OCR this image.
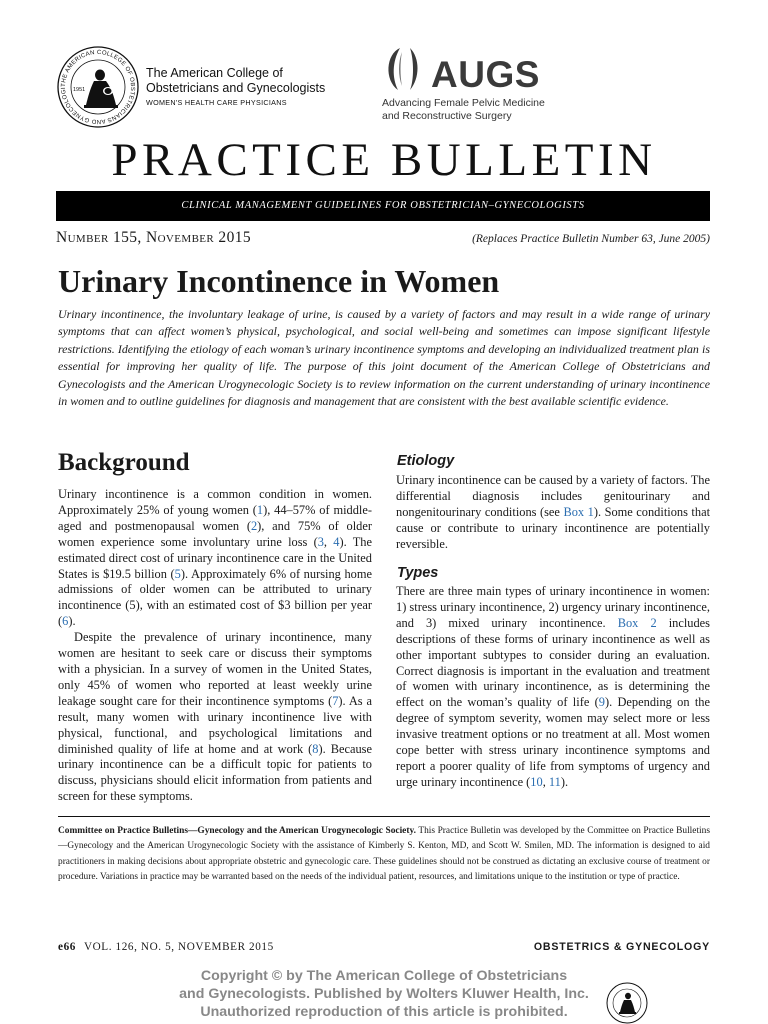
THE AMERICAN COLLEGE OF OBSTETRICIANS AND GYNECOLOGI	1951
The American College of
Obstetricians and Gynecologists
WOMEN'S HEALTH CARE PHYSICIANS
AUGS
Advancing Female Pelvic Medicine
and Reconstructive Surgery
PRACTICE BULLETIN
CLINICAL MANAGEMENT GUIDELINES FOR OBSTETRICIAN–GYNECOLOGISTS
Number 155, November 2015	(Replaces Practice Bulletin Number 63, June 2005)
Urinary Incontinence in Women

Urinary incontinence, the involuntary leakage of urine, is caused by a variety of factors and may result in a wide range of urinary symptoms that can affect women’s physical, psychological, and social well-being and sometimes can impose significant lifestyle restrictions. Identifying the etiology of each woman’s urinary incontinence symptoms and developing an individualized treatment plan is essential for improving her quality of life. The purpose of this joint document of the American College of Obstetricians and Gynecologists and the American Urogynecologic Society is to review information on the current understanding of urinary incontinence in women and to outline guidelines for diagnosis and management that are consistent with the best available scientific evidence.

Background

Urinary incontinence is a common condition in women. Approximately 25% of young women (1), 44–57% of middle-aged and postmenopausal women (2), and 75% of older women experience some involuntary urine loss (3, 4). The estimated direct cost of urinary incontinence care in the United States is $19.5 billion (5). Approximately 6% of nursing home admissions of older women can be attributed to urinary incontinence (5), with an estimated cost of $3 billion per year (6).

Despite the prevalence of urinary incontinence, many women are hesitant to seek care or discuss their symptoms with a physician. In a survey of women in the United States, only 45% of women who reported at least weekly urine leakage sought care for their incontinence symptoms (7). As a result, many women with urinary incontinence live with physical, functional, and psychological limitations and diminished quality of life at home and at work (8). Because urinary incontinence can be a difficult topic for patients to discuss, physicians should elicit information from patients and screen for these symptoms.

Etiology

Urinary incontinence can be caused by a variety of factors. The differential diagnosis includes genitourinary and nongenitourinary conditions (see Box 1). Some conditions that cause or contribute to urinary incontinence are potentially reversible.

Types

There are three main types of urinary incontinence in women: 1) stress urinary incontinence, 2) urgency urinary incontinence, and 3) mixed urinary incontinence. Box 2 includes descriptions of these forms of urinary incontinence as well as other important subtypes to consider during an evaluation. Correct diagnosis is important in the evaluation and treatment of women with urinary incontinence, as is determining the effect on the woman’s quality of life (9). Depending on the degree of symptom severity, women may select more or less invasive treatment options or no treatment at all. Most women cope better with stress urinary incontinence symptoms and report a poorer quality of life from symptoms of urgency and urge urinary incontinence (10, 11).

Committee on Practice Bulletins—Gynecology and the American Urogynecologic Society. This Practice Bulletin was developed by the Committee on Practice Bulletins—Gynecology and the American Urogynecologic Society with the assistance of Kimberly S. Kenton, MD, and Scott W. Smilen, MD. The information is designed to aid practitioners in making decisions about appropriate obstetric and gynecologic care. These guidelines should not be construed as dictating an exclusive course of treatment or procedure. Variations in practice may be warranted based on the needs of the individual patient, resources, and limitations unique to the institution or type of practice.

e66 VOL. 126, NO. 5, NOVEMBER 2015	OBSTETRICS & GYNECOLOGY
Copyright © by The American College of Obstetricians
and Gynecologists. Published by Wolters Kluwer Health, Inc.
Unauthorized reproduction of this article is prohibited.
